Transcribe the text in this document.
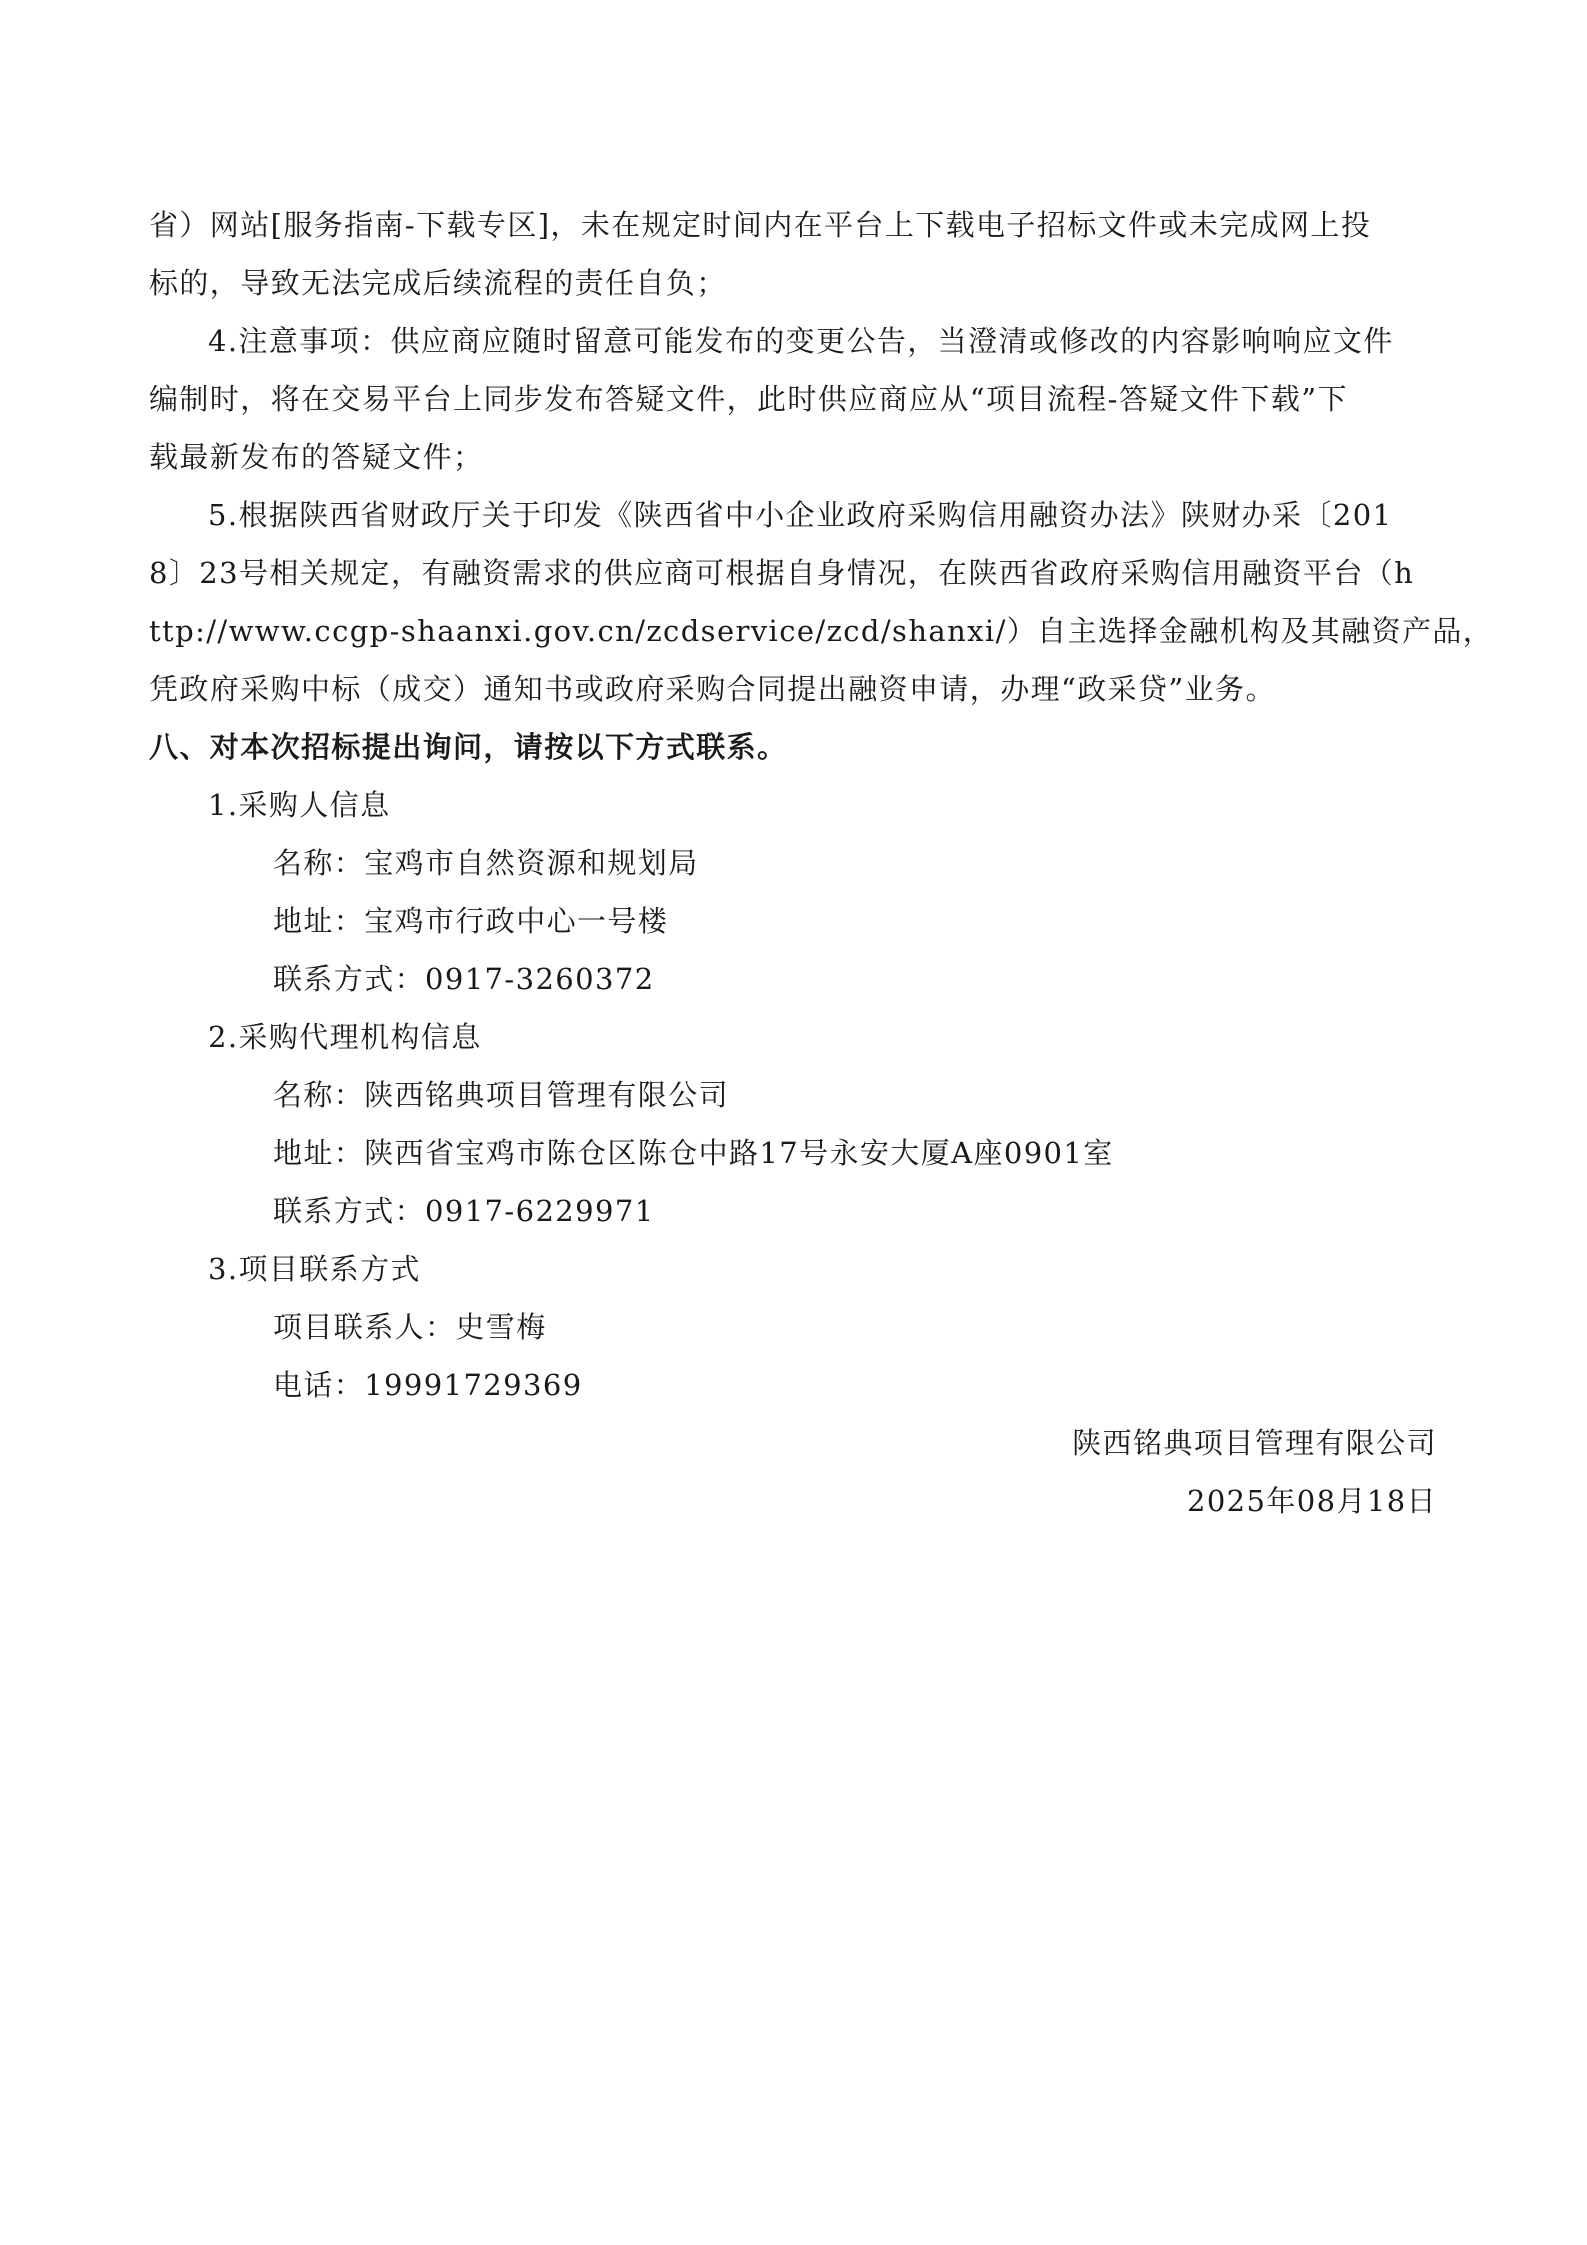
省）网站[服务指南-下载专区]，未在规定时间内在平台上下载电子招标文件或未完成网上投
标的，导致无法完成后续流程的责任自负；
4.注意事项：供应商应随时留意可能发布的变更公告，当澄清或修改的内容影响响应文件
编制时，将在交易平台上同步发布答疑文件，此时供应商应从“项目流程-答疑文件下载”下
载最新发布的答疑文件；
5.根据陕西省财政厅关于印发《陕西省中小企业政府采购信用融资办法》陕财办采〔201
8〕23号相关规定，有融资需求的供应商可根据自身情况，在陕西省政府采购信用融资平台（h
ttp://www.ccgp-shaanxi.gov.cn/zcdservice/zcd/shanxi/）自主选择金融机构及其融资产品，
凭政府采购中标（成交）通知书或政府采购合同提出融资申请，办理“政采贷”业务。
八、对本次招标提出询问，请按以下方式联系。
1.采购人信息
名称：宝鸡市自然资源和规划局
地址：宝鸡市行政中心一号楼
联系方式：0917-3260372
2.采购代理机构信息
名称：陕西铭典项目管理有限公司
地址：陕西省宝鸡市陈仓区陈仓中路17号永安大厦A座0901室
联系方式：0917-6229971
3.项目联系方式
项目联系人：史雪梅
电话：19991729369
陕西铭典项目管理有限公司
2025年08月18日
